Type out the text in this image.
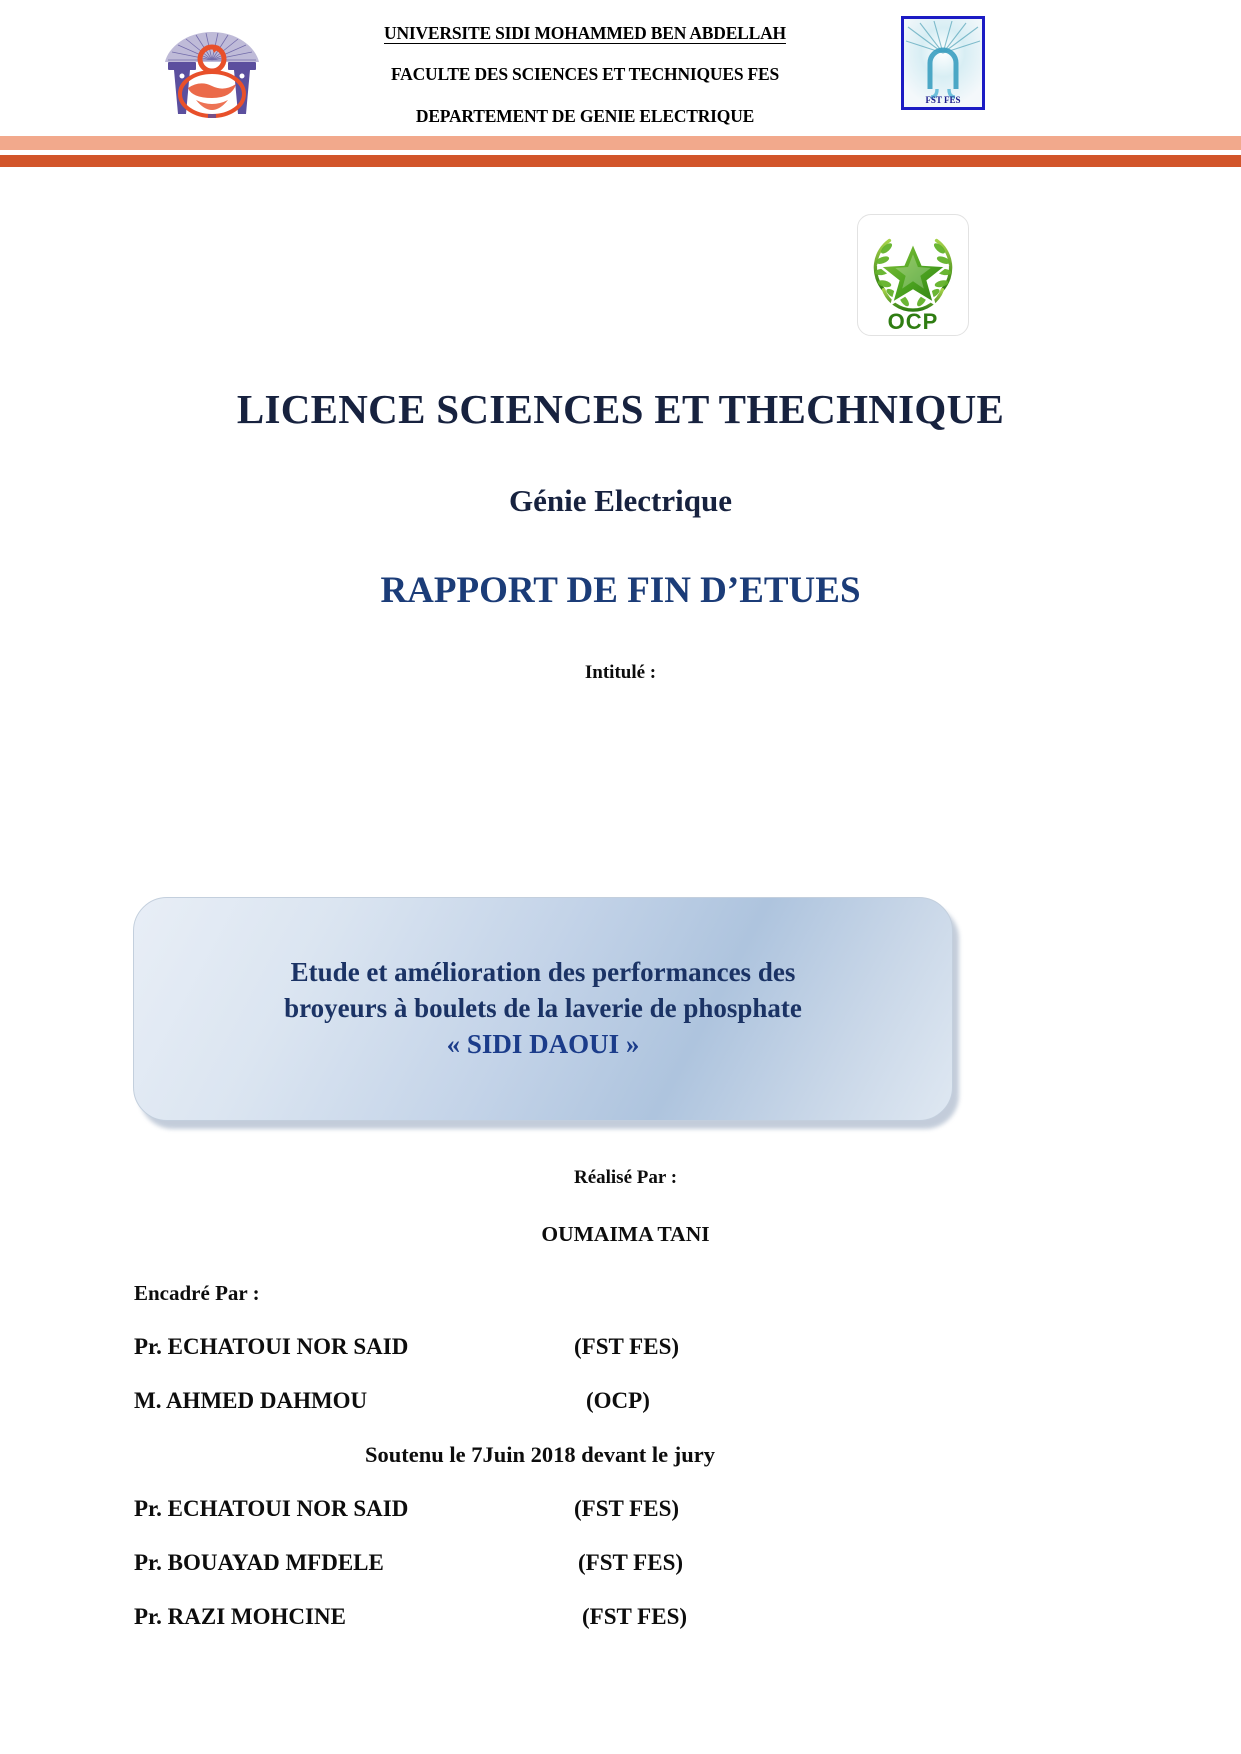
UNIVERSITE SIDI MOHAMMED BEN ABDELLAH
FACULTE DES SCIENCES ET TECHNIQUES FES
DEPARTEMENT DE GENIE ELECTRIQUE
FST FES
OCP
LICENCE SCIENCES ET THECHNIQUE
Génie Electrique
RAPPORT DE FIN D’ETUES
Intitulé :
Etude et amélioration des performances des
broyeurs à boulets de la laverie de phosphate
« SIDI DAOUI »
Réalisé Par :
OUMAIMA TANI
Encadré Par :
Pr. ECHATOUI NOR SAID	(FST FES)
M. AHMED DAHMOU	(OCP)
Soutenu le 7Juin 2018 devant le jury
Pr. ECHATOUI NOR SAID	(FST FES)
Pr. BOUAYAD MFDELE	(FST FES)
Pr. RAZI MOHCINE	(FST FES)
